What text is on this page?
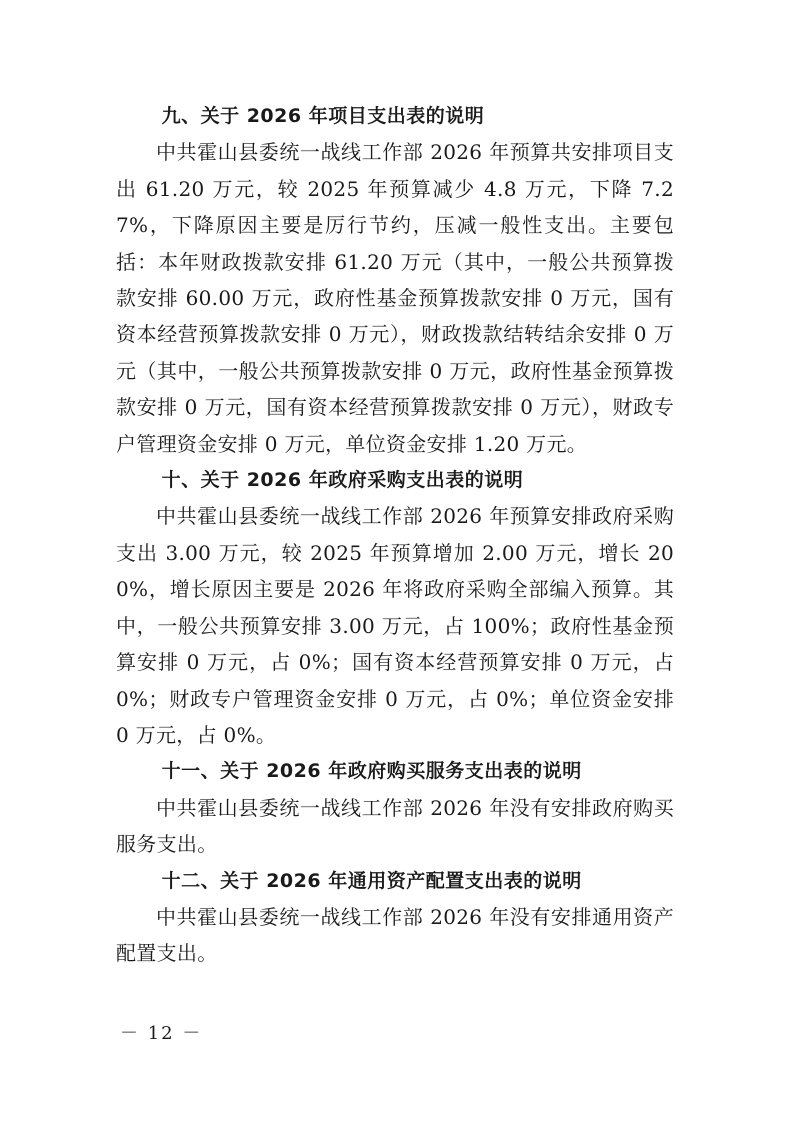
九、关于 2026 年项目支出表的说明

中共霍山县委统一战线工作部 2026 年预算共安排项目支出 61.20 万元，较 2025 年预算减少 4.8 万元，下降 7.27%，下降原因主要是厉行节约，压减一般性支出。主要包括：本年财政拨款安排 61.20 万元（其中，一般公共预算拨款安排 60.00 万元，政府性基金预算拨款安排 0 万元，国有资本经营预算拨款安排 0 万元），财政拨款结转结余安排 0 万元（其中，一般公共预算拨款安排 0 万元，政府性基金预算拨款安排 0 万元，国有资本经营预算拨款安排 0 万元），财政专户管理资金安排 0 万元，单位资金安排 1.20 万元。

十、关于 2026 年政府采购支出表的说明

中共霍山县委统一战线工作部 2026 年预算安排政府采购支出 3.00 万元，较 2025 年预算增加 2.00 万元，增长 200%，增长原因主要是 2026 年将政府采购全部编入预算。其中，一般公共预算安排 3.00 万元，占 100%；政府性基金预算安排 0 万元，占 0%；国有资本经营预算安排 0 万元，占 0%；财政专户管理资金安排 0 万元，占 0%；单位资金安排 0 万元，占 0%。

十一、关于 2026 年政府购买服务支出表的说明

中共霍山县委统一战线工作部 2026 年没有安排政府购买服务支出。

十二、关于 2026 年通用资产配置支出表的说明

中共霍山县委统一战线工作部 2026 年没有安排通用资产配置支出。

－ 12 －
